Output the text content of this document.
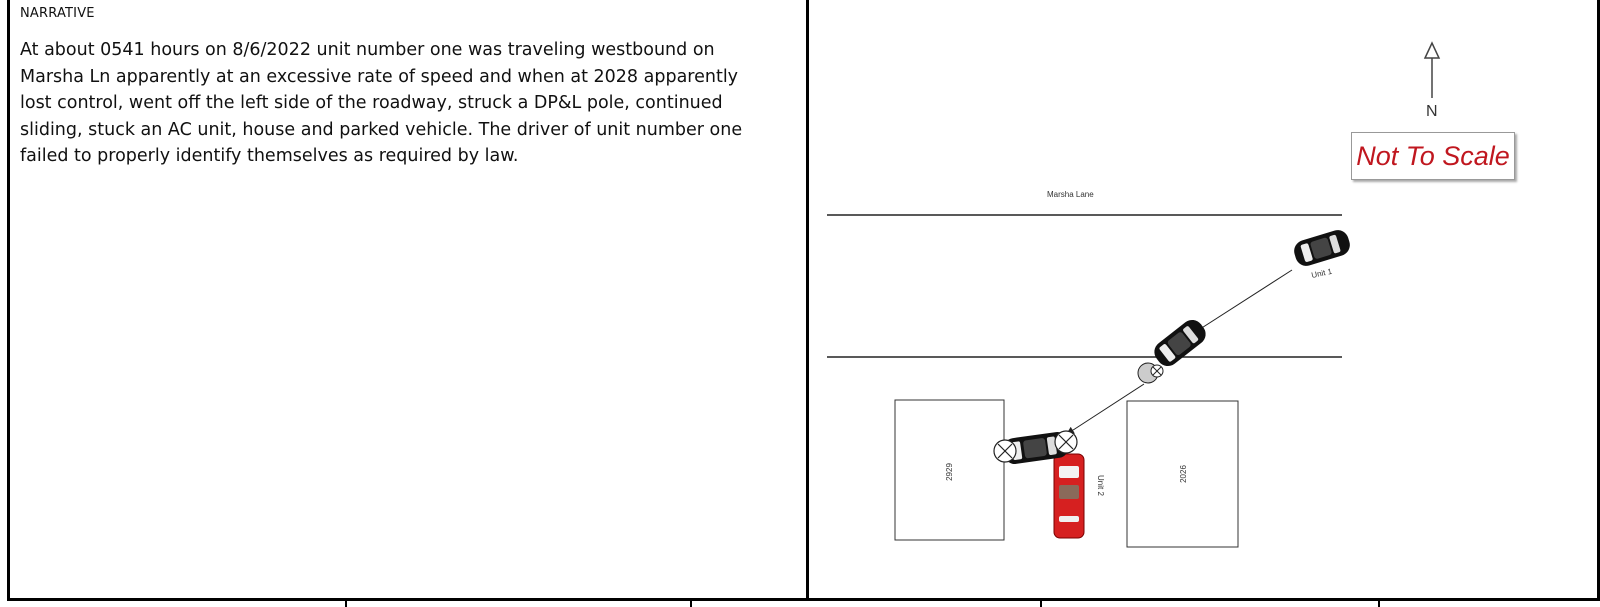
NARRATIVE
At about 0541 hours on 8/6/2022 unit number one was traveling westbound on
Marsha Ln apparently at an excessive rate of speed and when at 2028 apparently
lost control, went off the left side of the roadway, struck a DP&L pole, continued
sliding, stuck an AC unit, house and parked vehicle. The driver of unit number one
failed to properly identify themselves as required by law.
N
Marsha Lane
2929	2026
Unit 1
Unit 2
Not To Scale
